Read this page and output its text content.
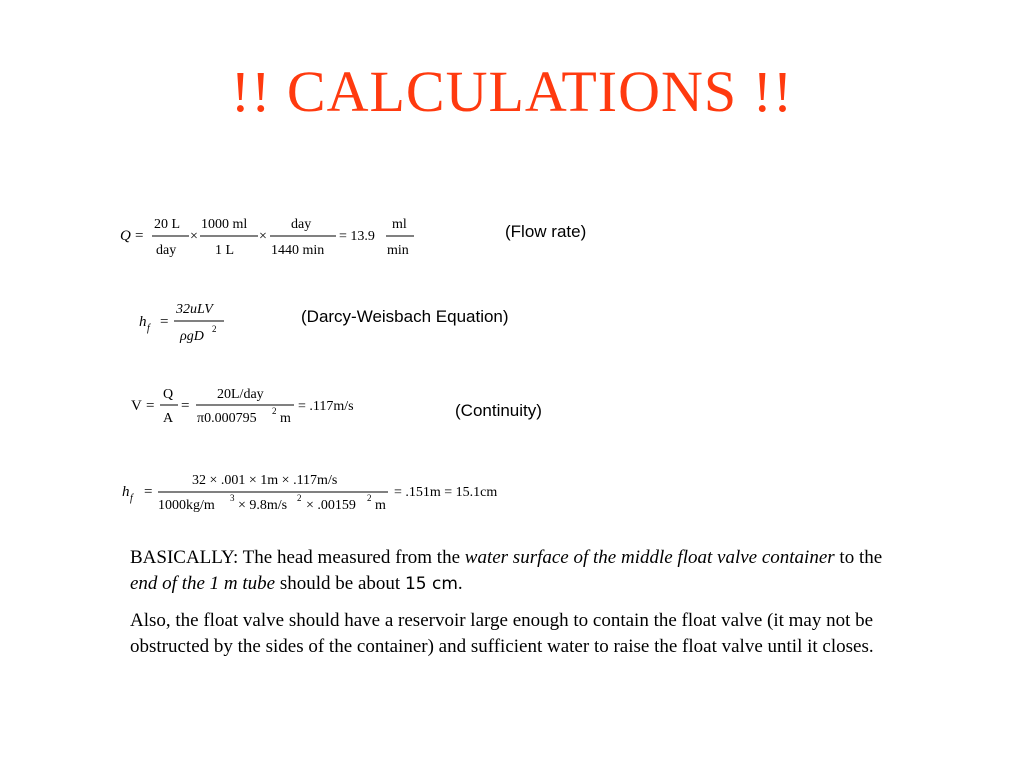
!! CALCULATIONS !!
Q =
20 L
day
×
1000 ml
1 L
×
day
1440 min
= 13.9
ml
min
(Flow rate)
h f =
32uLV
ρgD 2
(Darcy-Weisbach Equation)
V =
Q
A
=
20L/day
π0.000795 2 m
= .117m/s	(Continuity)
h f =
32 × .001 × 1m × .117m/s
1000kg/m 3 × 9.8m/s 2 × .00159 2 m
= .151m = 15.1cm

BASICALLY: The head measured from the water surface of the middle float valve container to the end of the 1 m tube should be about 15 cm.

Also, the float valve should have a reservoir large enough to contain the float valve (it may not be obstructed by the sides of the container) and sufficient water to raise the float valve until it closes.
